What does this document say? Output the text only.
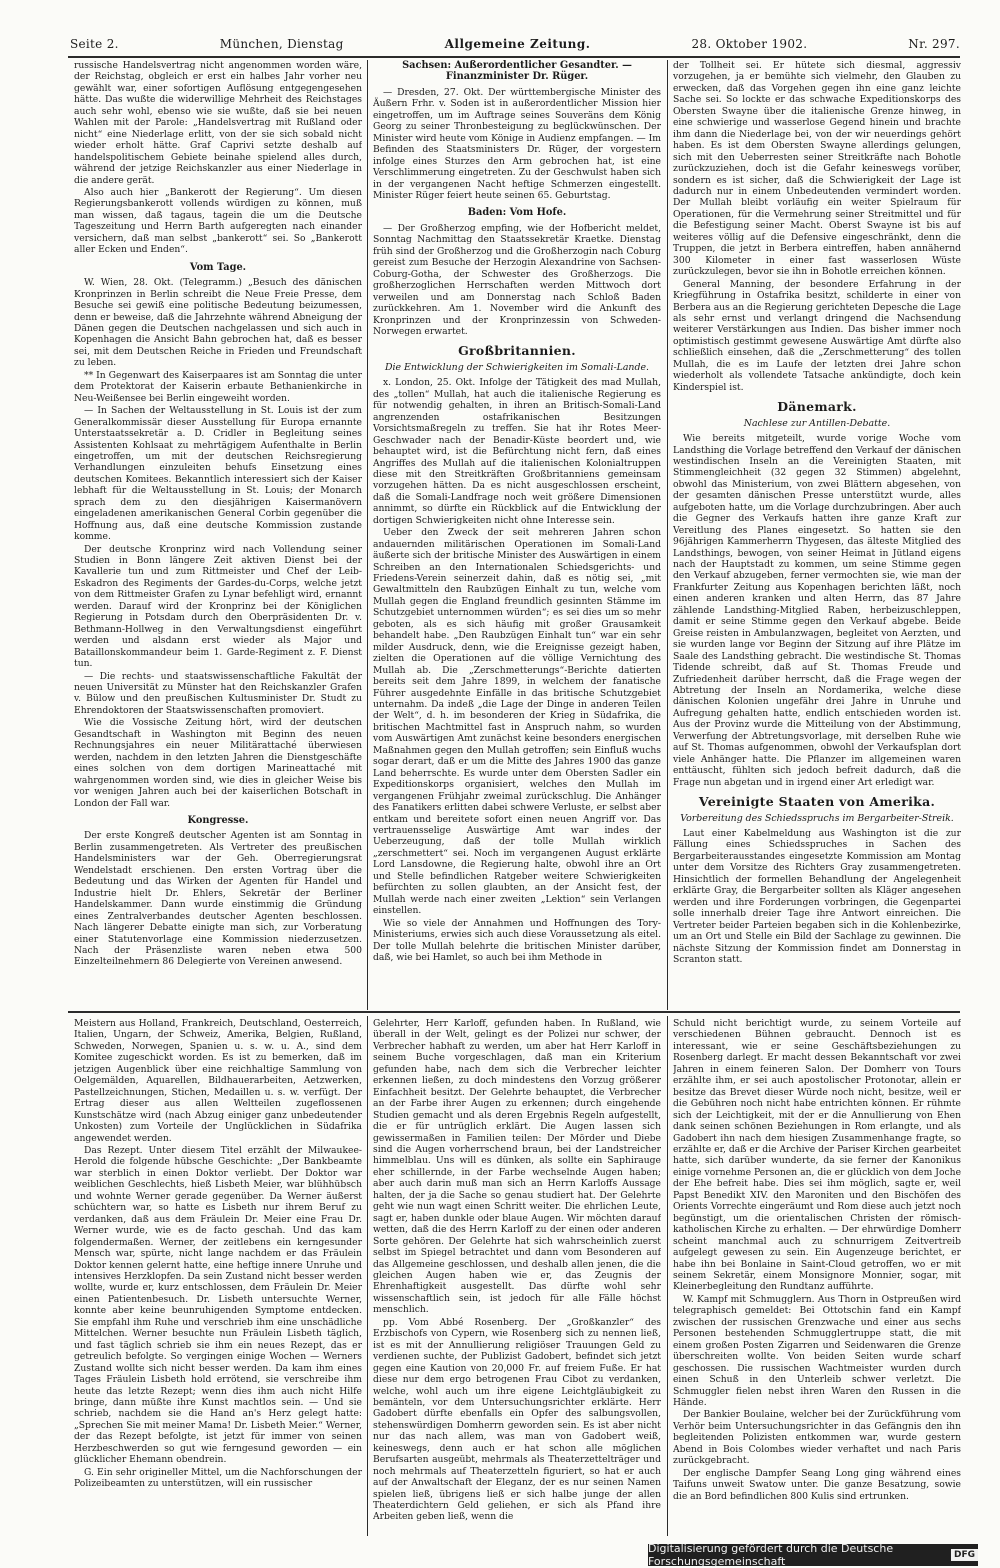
Seite 2.	München, Dienstag	Allgemeine Zeitung.	28. Oktober 1902.	Nr. 297.

russische Handelsvertrag nicht angenommen worden wäre, der Reichstag, obgleich er erst ein halbes Jahr vorher neu gewählt war, einer sofortigen Auflösung entgegengesehen hätte. Das wußte die widerwillige Mehrheit des Reichstages auch sehr wohl, ebenso wie sie wußte, daß sie bei neuen Wahlen mit der Parole: „Handelsvertrag mit Rußland oder nicht“ eine Niederlage erlitt, von der sie sich sobald nicht wieder erholt hätte. Graf Caprivi setzte deshalb auf handelspolitischem Gebiete beinahe spielend alles durch, während der jetzige Reichskanzler aus einer Niederlage in die andere gerät.

Also auch hier „Bankerott der Regierung“. Um diesen Regierungsbankerott vollends würdigen zu können, muß man wissen, daß tagaus, tagein die um die Deutsche Tageszeitung und Herrn Barth aufgeregten nach einander versichern, daß man selbst „bankerott“ sei. So „Bankerott aller Ecken und Enden“.

Vom Tage.

W. Wien, 28. Okt. (Telegramm.) „Besuch des dänischen Kronprinzen in Berlin schreibt die Neue Freie Presse, dem Besuche sei gewiß eine politische Bedeutung beizumessen, denn er beweise, daß die Jahrzehnte während Abneigung der Dänen gegen die Deutschen nachgelassen und sich auch in Kopenhagen die Ansicht Bahn gebrochen hat, daß es besser sei, mit dem Deutschen Reiche in Frieden und Freundschaft zu leben.

** In Gegenwart des Kaiserpaares ist am Sonntag die unter dem Protektorat der Kaiserin erbaute Bethanienkirche in Neu-Weißensee bei Berlin eingeweiht worden.

— In Sachen der Weltausstellung in St. Louis ist der zum Generalkommissär dieser Ausstellung für Europa ernannte Unterstaatssekretär a. D. Cridler in Begleitung seines Assistenten Kohlsaat zu mehrtägigem Aufenthalte in Berlin eingetroffen, um mit der deutschen Reichsregierung Verhandlungen einzuleiten behufs Einsetzung eines deutschen Komitees. Bekanntlich interessiert sich der Kaiser lebhaft für die Weltausstellung in St. Louis; der Monarch sprach dem zu den diesjährigen Kaisermanövern eingeladenen amerikanischen General Corbin gegenüber die Hoffnung aus, daß eine deutsche Kommission zustande komme.

Der deutsche Kronprinz wird nach Vollendung seiner Studien in Bonn längere Zeit aktiven Dienst bei der Kavallerie tun und zum Rittmeister und Chef der Leib-Eskadron des Regiments der Gardes-du-Corps, welche jetzt von dem Rittmeister Grafen zu Lynar befehligt wird, ernannt werden. Darauf wird der Kronprinz bei der Königlichen Regierung in Potsdam durch den Oberpräsidenten Dr. v. Bethmann-Hollweg in den Verwaltungsdienst eingeführt werden und alsdann erst wieder als Major und Bataillonskommandeur beim 1. Garde-Regiment z. F. Dienst tun.

— Die rechts- und staatswissenschaftliche Fakultät der neuen Universität zu Münster hat den Reichskanzler Grafen v. Bülow und den preußischen Kultusminister Dr. Studt zu Ehrendoktoren der Staatswissenschaften promoviert.

Wie die Vossische Zeitung hört, wird der deutschen Gesandtschaft in Washington mit Beginn des neuen Rechnungsjahres ein neuer Militärattaché überwiesen werden, nachdem in den letzten Jahren die Dienstgeschäfte eines solchen von dem dortigen Marineattaché mit wahrgenommen worden sind, wie dies in gleicher Weise bis vor wenigen Jahren auch bei der kaiserlichen Botschaft in London der Fall war.

Kongresse.

Der erste Kongreß deutscher Agenten ist am Sonntag in Berlin zusammengetreten. Als Vertreter des preußischen Handelsministers war der Geh. Oberregierungsrat Wendelstadt erschienen. Den ersten Vortrag über die Bedeutung und das Wirken der Agenten für Handel und Industrie hielt Dr. Ehlers, Sekretär der Berliner Handelskammer. Dann wurde einstimmig die Gründung eines Zentralverbandes deutscher Agenten beschlossen. Nach längerer Debatte einigte man sich, zur Vorberatung einer Statutenvorlage eine Kommission niederzusetzen. Nach der Präsenzliste waren neben etwa 500 Einzelteilnehmern 86 Delegierte von Vereinen anwesend.

Sachsen: Außerordentlicher Gesandter. — Finanzminister Dr. Rüger.

— Dresden, 27. Okt. Der württembergische Minister des Äußern Frhr. v. Soden ist in außerordentlicher Mission hier eingetroffen, um im Auftrage seines Souveräns dem König Georg zu seiner Thronbesteigung zu beglückwünschen. Der Minister wird heute vom Könige in Audienz empfangen. — Im Befinden des Staatsministers Dr. Rüger, der vorgestern infolge eines Sturzes den Arm gebrochen hat, ist eine Verschlimmerung eingetreten. Zu der Geschwulst haben sich in der vergangenen Nacht heftige Schmerzen eingestellt. Minister Rüger feiert heute seinen 65. Geburtstag.

Baden: Vom Hofe.

— Der Großherzog empfing, wie der Hofbericht meldet, Sonntag Nachmittag den Staatssekretär Kraetke. Dienstag früh sind der Großherzog und die Großherzogin nach Coburg gereist zum Besuche der Herzogin Alexandrine von Sachsen-Coburg-Gotha, der Schwester des Großherzogs. Die großherzoglichen Herrschaften werden Mittwoch dort verweilen und am Donnerstag nach Schloß Baden zurückkehren. Am 1. November wird die Ankunft des Kronprinzen und der Kronprinzessin von Schweden-Norwegen erwartet.

Großbritannien.
Die Entwicklung der Schwierigkeiten im Somali-Lande.

x. London, 25. Okt. Infolge der Tätigkeit des mad Mullah, des „tollen“ Mullah, hat auch die italienische Regierung es für notwendig gehalten, in ihren an Britisch-Somali-Land angrenzenden ostafrikanischen Besitzungen Vorsichtsmaßregeln zu treffen. Sie hat ihr Rotes Meer-Geschwader nach der Benadir-Küste beordert und, wie behauptet wird, ist die Befürchtung nicht fern, daß eines Angriffes des Mullah auf die italienischen Kolonialtruppen diese mit den Streitkräften Großbritanniens gemeinsam vorzugehen hätten. Da es nicht ausgeschlossen erscheint, daß die Somali-Landfrage noch weit größere Dimensionen annimmt, so dürfte ein Rückblick auf die Entwicklung der dortigen Schwierigkeiten nicht ohne Interesse sein.

Ueber den Zweck der seit mehreren Jahren schon andauernden militärischen Operationen im Somali-Land äußerte sich der britische Minister des Auswärtigen in einem Schreiben an den Internationalen Schiedsgerichts- und Friedens-Verein seinerzeit dahin, daß es nötig sei, „mit Gewaltmitteln den Raubzügen Einhalt zu tun, welche vom Mullah gegen die England freundlich gesinnten Stämme im Schutzgebiet unternommen würden“; es sei dies um so mehr geboten, als es sich häufig mit großer Grausamkeit behandelt habe. „Den Raubzügen Einhalt tun“ war ein sehr milder Ausdruck, denn, wie die Ereignisse gezeigt haben, zielten die Operationen auf die völlige Vernichtung des Mullah ab. Die „Zerschmetterungs“-Berichte datierten bereits seit dem Jahre 1899, in welchem der fanatische Führer ausgedehnte Einfälle in das britische Schutzgebiet unternahm. Da indeß „die Lage der Dinge in anderen Teilen der Welt“, d. h. im besonderen der Krieg in Südafrika, die britischen Machtmittel fast in Anspruch nahm, so wurden vom Auswärtigen Amt zunächst keine besonders energischen Maßnahmen gegen den Mullah getroffen; sein Einfluß wuchs sogar derart, daß er um die Mitte des Jahres 1900 das ganze Land beherrschte. Es wurde unter dem Obersten Sadler ein Expeditionskorps organisiert, welches den Mullah im vergangenen Frühjahr zweimal zurückschlug. Die Anhänger des Fanatikers erlitten dabei schwere Verluste, er selbst aber entkam und bereitete sofort einen neuen Angriff vor. Das vertrauensselige Auswärtige Amt war indes der Ueberzeugung, daß der tolle Mullah wirklich „zerschmettert“ sei. Noch im vergangenen August erklärte Lord Lansdowne, die Regierung halte, obwohl ihre an Ort und Stelle befindlichen Ratgeber weitere Schwierigkeiten befürchten zu sollen glaubten, an der Ansicht fest, der Mullah werde nach einer zweiten „Lektion“ sein Verlangen einstellen.

Wie so viele der Annahmen und Hoffnungen des Tory-Ministeriums, erwies sich auch diese Voraussetzung als eitel. Der tolle Mullah belehrte die britischen Minister darüber, daß, wie bei Hamlet, so auch bei ihm Methode in

der Tollheit sei. Er hütete sich diesmal, aggressiv vorzugehen, ja er bemühte sich vielmehr, den Glauben zu erwecken, daß das Vorgehen gegen ihn eine ganz leichte Sache sei. So lockte er das schwache Expeditionskorps des Obersten Swayne über die italienische Grenze hinweg, in eine schwierige und wasserlose Gegend hinein und brachte ihm dann die Niederlage bei, von der wir neuerdings gehört haben. Es ist dem Obersten Swayne allerdings gelungen, sich mit den Ueberresten seiner Streitkräfte nach Bohotle zurückzuziehen, doch ist die Gefahr keineswegs vorüber, sondern es ist sicher, daß die Schwierigkeit der Lage ist dadurch nur in einem Unbedeutenden vermindert worden. Der Mullah bleibt vorläufig ein weiter Spielraum für Operationen, für die Vermehrung seiner Streitmittel und für die Befestigung seiner Macht. Oberst Swayne ist bis auf weiteres völlig auf die Defensive eingeschränkt, denn die Truppen, die jetzt in Berbera eintreffen, haben annähernd 300 Kilometer in einer fast wasserlosen Wüste zurückzulegen, bevor sie ihn in Bohotle erreichen können.

General Manning, der besondere Erfahrung in der Kriegführung in Ostafrika besitzt, schilderte in einer von Berbera aus an die Regierung gerichteten Depesche die Lage als sehr ernst und verlangt dringend die Nachsendung weiterer Verstärkungen aus Indien. Das bisher immer noch optimistisch gestimmt gewesene Auswärtige Amt dürfte also schließlich einsehen, daß die „Zerschmetterung“ des tollen Mullah, die es im Laufe der letzten drei Jahre schon wiederholt als vollendete Tatsache ankündigte, doch kein Kinderspiel ist.

Dänemark.
Nachlese zur Antillen-Debatte.

Wie bereits mitgeteilt, wurde vorige Woche vom Landsthing die Vorlage betreffend den Verkauf der dänischen westindischen Inseln an die Vereinigten Staaten, mit Stimmengleichheit (32 gegen 32 Stimmen) abgelehnt, obwohl das Ministerium, von zwei Blättern abgesehen, von der gesamten dänischen Presse unterstützt wurde, alles aufgeboten hatte, um die Vorlage durchzubringen. Aber auch die Gegner des Verkaufs hatten ihre ganze Kraft zur Vereitlung des Planes eingesetzt. So hatten sie den 96jährigen Kammerherrn Thygesen, das älteste Mitglied des Landsthings, bewogen, von seiner Heimat in Jütland eigens nach der Hauptstadt zu kommen, um seine Stimme gegen den Verkauf abzugeben, ferner vermochten sie, wie man der Frankfurter Zeitung aus Kopenhagen berichten läßt, noch einen anderen kranken und alten Herrn, das 87 Jahre zählende Landsthing-Mitglied Raben, herbeizuschleppen, damit er seine Stimme gegen den Verkauf abgebe. Beide Greise reisten in Ambulanzwagen, begleitet von Aerzten, und sie wurden lange vor Beginn der Sitzung auf ihre Plätze im Saale des Landsthing gebracht. Die westindische St. Thomas Tidende schreibt, daß auf St. Thomas Freude und Zufriedenheit darüber herrscht, daß die Frage wegen der Abtretung der Inseln an Nordamerika, welche diese dänischen Kolonien ungefähr drei Jahre in Unruhe und Aufregung gehalten hatte, endlich entschieden worden ist. Aus der Provinz wurde die Mitteilung von der Abstimmung, Verwerfung der Abtretungsvorlage, mit derselben Ruhe wie auf St. Thomas aufgenommen, obwohl der Verkaufsplan dort viele Anhänger hatte. Die Pflanzer im allgemeinen waren enttäuscht, fühlten sich jedoch befreit dadurch, daß die Frage nun abgetan und in irgend einer Art erledigt war.

Vereinigte Staaten von Amerika.
Vorbereitung des Schiedsspruchs im Bergarbeiter-Streik.

Laut einer Kabelmeldung aus Washington ist die zur Fällung eines Schiedsspruches in Sachen des Bergarbeiterausstandes eingesetzte Kommission am Montag unter dem Vorsitze des Richters Gray zusammengetreten. Hinsichtlich der formellen Behandlung der Angelegenheit erklärte Gray, die Bergarbeiter sollten als Kläger angesehen werden und ihre Forderungen vorbringen, die Gegenpartei solle innerhalb dreier Tage ihre Antwort einreichen. Die Vertreter beider Parteien begaben sich in die Kohlenbezirke, um an Ort und Stelle ein Bild der Sachlage zu gewinnen. Die nächste Sitzung der Kommission findet am Donnerstag in Scranton statt.

Meistern aus Holland, Frankreich, Deutschland, Oesterreich, Italien, Ungarn, der Schweiz, Amerika, Belgien, Rußland, Schweden, Norwegen, Spanien u. s. w. u. A., sind dem Komitee zugeschickt worden. Es ist zu bemerken, daß im jetzigen Augenblick über eine reichhaltige Sammlung von Oelgemälden, Aquarellen, Bildhauerarbeiten, Aetzwerken, Pastellzeichnungen, Stichen, Medaillen u. s. w. verfügt. Der Ertrag dieser aus allen Weltteilen zugeflossenen Kunstschätze wird (nach Abzug einiger ganz unbedeutender Unkosten) zum Vorteile der Unglücklichen in Südafrika angewendet werden.

Das Rezept. Unter diesem Titel erzählt der Milwaukee-Herold die folgende hübsche Geschichte: „Der Bankbeamte war sterblich in einen Doktor verliebt. Der Doktor war weiblichen Geschlechts, hieß Lisbeth Meier, war blühhübsch und wohnte Werner gerade gegenüber. Da Werner äußerst schüchtern war, so hatte es Lisbeth nur ihrem Beruf zu verdanken, daß aus dem Fräulein Dr. Meier eine Frau Dr. Werner wurde, wie es de facto geschah. Und das kam folgendermaßen. Werner, der zeitlebens ein kerngesunder Mensch war, spürte, nicht lange nachdem er das Fräulein Doktor kennen gelernt hatte, eine heftige innere Unruhe und intensives Herzklopfen. Da sein Zustand nicht besser werden wollte, wurde er, kurz entschlossen, dem Fräulein Dr. Meier einen Patientenbesuch. Dr. Lisbeth untersuchte Werner, konnte aber keine beunruhigenden Symptome entdecken. Sie empfahl ihm Ruhe und verschrieb ihm eine unschädliche Mittelchen. Werner besuchte nun Fräulein Lisbeth täglich, und fast täglich schrieb sie ihm ein neues Rezept, das er getreulich befolgte. So vergingen einige Wochen — Werners Zustand wollte sich nicht besser werden. Da kam ihm eines Tages Fräulein Lisbeth hold errötend, sie verschreibe ihm heute das letzte Rezept; wenn dies ihm auch nicht Hilfe bringe, dann müßte ihre Kunst machtlos sein. — Und sie schrieb, nachdem sie die Hand an's Herz gelegt hatte: „Sprechen Sie mit meiner Mama! Dr. Lisbeth Meier.“ Werner, der das Rezept befolgte, ist jetzt für immer von seinen Herzbeschwerden so gut wie ferngesund geworden — ein glücklicher Ehemann obendrein.

G. Ein sehr origineller Mittel, um die Nachforschungen der Polizeibeamten zu unterstützen, will ein russischer

Gelehrter, Herr Karloff, gefunden haben. In Rußland, wie überall in der Welt, gelingt es der Polizei nur schwer, der Verbrecher habhaft zu werden, um aber hat Herr Karloff in seinem Buche vorgeschlagen, daß man ein Kriterium gefunden habe, nach dem sich die Verbrecher leichter erkennen ließen, zu doch mindestens den Vorzug größerer Einfachheit besitzt. Der Gelehrte behauptet, die Verbrecher an der Farbe ihrer Augen zu erkennen; durch eingehende Studien gemacht und als deren Ergebnis Regeln aufgestellt, die er für untrüglich erklärt. Die Augen lassen sich gewissermaßen in Familien teilen: Der Mörder und Diebe sind die Augen vorherrschend braun, bei der Landstreicher himmelblau. Uns will es dünken, als sollte ein Saphirauge eher schillernde, in der Farbe wechselnde Augen haben; aber auch darin muß man sich an Herrn Karloffs Aussage halten, der ja die Sache so genau studiert hat. Der Gelehrte geht wie nun wagt einen Schritt weiter. Die ehrlichen Leute, sagt er, haben dunkle oder blaue Augen. Wir möchten darauf wetten, daß die des Herrn Karloff zu der einen oder anderen Sorte gehören. Der Gelehrte hat sich wahrscheinlich zuerst selbst im Spiegel betrachtet und dann vom Besonderen auf das Allgemeine geschlossen, und deshalb allen jenen, die die gleichen Augen haben wie er, das Zeugnis der Ehrenhaftigkeit ausgestellt. Das dürfte wohl sehr wissenschaftlich sein, ist jedoch für alle Fälle höchst menschlich.

pp. Vom Abbé Rosenberg. Der „Großkanzler“ des Erzbischofs von Cypern, wie Rosenberg sich zu nennen ließ, ist es mit der Annullierung religiöser Trauungen Geld zu verdienen suchte, der Publizist Gadobert, befindet sich jetzt gegen eine Kaution von 20,000 Fr. auf freiem Fuße. Er hat diese nur dem ergo betrogenen Frau Cibot zu verdanken, welche, wohl auch um ihre eigene Leichtgläubigkeit zu bemänteln, vor dem Untersuchungsrichter erklärte. Herr Gadobert dürfte ebenfalls ein Opfer des salbungsvollen, stehenswürdigen Domherrn geworden sein. Es ist aber nicht nur das nach allem, was man von Gadobert weiß, keineswegs, denn auch er hat schon alle möglichen Berufsarten ausgeübt, mehrmals als Theaterzettelträger und noch mehrmals auf Theaterzetteln figuriert, so hat er auch auf der Anwaltschaft der Eleganz, der es nur seinen Namen spielen ließ, übrigens ließ er sich halbe junge der allen Theaterdichtern Geld geliehen, er sich als Pfand ihre Arbeiten geben ließ, wenn die

Schuld nicht berichtigt wurde, zu seinem Vorteile auf verschiedenen Bühnen gebraucht. Dennoch ist es interessant, wie er seine Geschäftsbeziehungen zu Rosenberg darlegt. Er macht dessen Bekanntschaft vor zwei Jahren in einem feineren Salon. Der Domherr von Tours erzählte ihm, er sei auch apostolischer Protonotar, allein er besitze das Brevet dieser Würde noch nicht, besitze, weil er die Gebühren noch nicht habe entrichten können. Er rühmte sich der Leichtigkeit, mit der er die Annullierung von Ehen dank seinen schönen Beziehungen in Rom erlangte, und als Gadobert ihn nach dem hiesigen Zusammenhange fragte, so erzählte er, daß er die Archive der Pariser Kirchen gearbeitet hatte, sich darüber wunderte, da sie ferner der Kanonikus einige vornehme Personen an, die er glücklich von dem Joche der Ehe befreit habe. Dies sei ihm möglich, sagte er, weil Papst Benedikt XIV. den Maroniten und den Bischöfen des Orients Vorrechte eingeräumt und Rom diese auch jetzt noch begünstigt, um die orientalischen Christen der römisch-katholischen Kirche zu erhalten. — Der ehrwürdige Domherr scheint manchmal auch zu schnurrigem Zeitvertreib aufgelegt gewesen zu sein. Ein Augenzeuge berichtet, er habe ihn bei Bonlaine in Saint-Cloud getroffen, wo er mit seinem Sekretär, einem Monsignore Monnier, sogar, mit Kleinerbegleitung den Rundtanz aufführte.

W. Kampf mit Schmugglern. Aus Thorn in Ostpreußen wird telegraphisch gemeldet: Bei Ottotschin fand ein Kampf zwischen der russischen Grenzwache und einer aus sechs Personen bestehenden Schmugglertruppe statt, die mit einem großen Posten Zigarren und Seidenwaren die Grenze überschreiten wollte. Von beiden Seiten wurde scharf geschossen. Die russischen Wachtmeister wurden durch einen Schuß in den Unterleib schwer verletzt. Die Schmuggler fielen nebst ihren Waren den Russen in die Hände.

Der Bankier Boulaine, welcher bei der Zurückführung vom Verhör beim Untersuchungsrichter in das Gefängnis den ihn begleitenden Polizisten entkommen war, wurde gestern Abend in Bois Colombes wieder verhaftet und nach Paris zurückgebracht.

Der englische Dampfer Seang Long ging während eines Taifuns unweit Swatow unter. Die ganze Besatzung, sowie die an Bord befindlichen 800 Kulis sind ertrunken.

Digitalisierung gefördert durch die Deutsche Forschungsgemeinschaft	DFG
